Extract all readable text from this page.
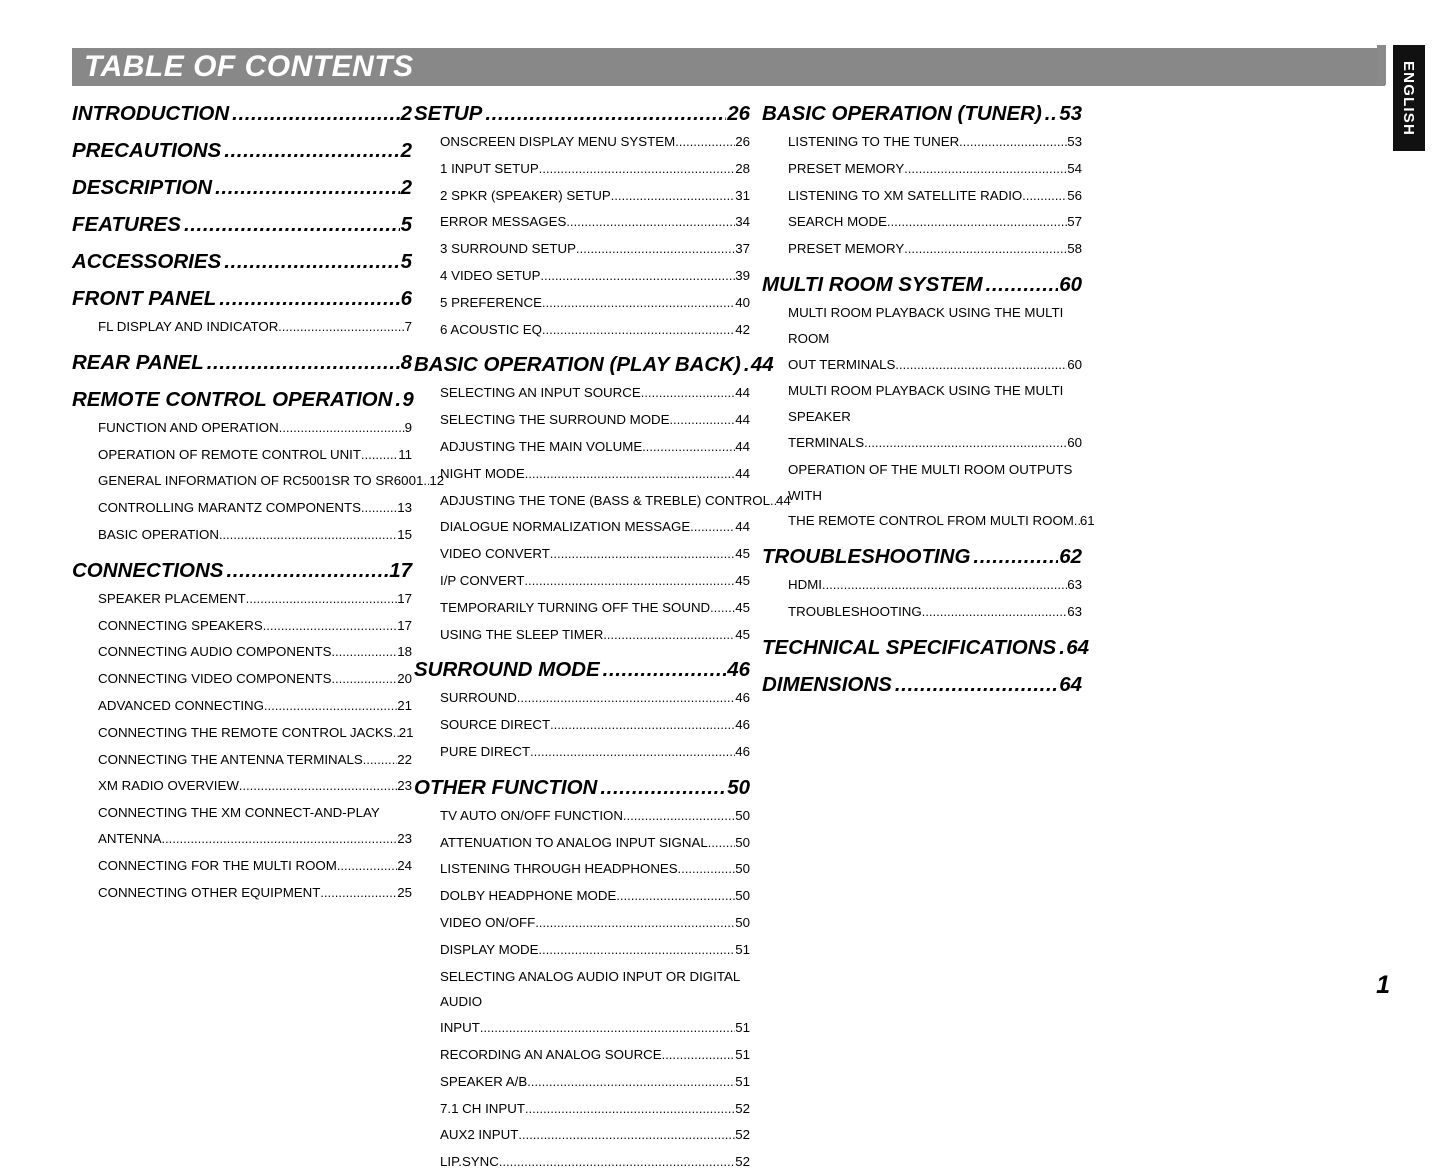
TABLE OF CONTENTS	ENGLISH
INTRODUCTION .....	2
PRECAUTIONS .....	2
DESCRIPTION .....	2
FEATURES .....	5
ACCESSORIES .....	5
FRONT PANEL .....	6
FL DISPLAY AND INDICATOR .....	7
REAR PANEL .....	8
REMOTE CONTROL OPERATION ..... 9
FUNCTION AND OPERATION .....	9
OPERATION OF REMOTE CONTROL UNIT .....	11
GENERAL INFORMATION OF RC5001SR TO SR6001 ..... 12
CONTROLLING MARANTZ COMPONENTS .....	13
BASIC OPERATION .....	15
CONNECTIONS .....	17
SPEAKER PLACEMENT .....	17
CONNECTING SPEAKERS .....	17
CONNECTING AUDIO COMPONENTS .....	18
CONNECTING VIDEO COMPONENTS .....	20
ADVANCED CONNECTING .....	21
CONNECTING THE REMOTE CONTROL JACKS ..... 21
CONNECTING THE ANTENNA TERMINALS .....	22
XM RADIO OVERVIEW .....	23
CONNECTING THE XM CONNECT-AND-PLAY
ANTENNA .....	23
CONNECTING FOR THE MULTI ROOM .....	24
CONNECTING OTHER EQUIPMENT .....	25
SETUP .....	26
ONSCREEN DISPLAY MENU SYSTEM .....	26
1 INPUT SETUP .....	28
2 SPKR (SPEAKER) SETUP .....	31
ERROR MESSAGES .....	34
3 SURROUND SETUP .....	37
4 VIDEO SETUP .....	39
5 PREFERENCE .....	40
6 ACOUSTIC EQ .....	42
BASIC OPERATION (PLAY BACK) ..... 44
SELECTING AN INPUT SOURCE .....	44
SELECTING THE SURROUND MODE .....	44
ADJUSTING THE MAIN VOLUME .....	44
NIGHT MODE .....	44
ADJUSTING THE TONE (BASS & TREBLE) CONTROL ..... 44
DIALOGUE NORMALIZATION MESSAGE .....	44
VIDEO CONVERT .....	45
I/P CONVERT .....	45
TEMPORARILY TURNING OFF THE SOUND ..... 45
USING THE SLEEP TIMER .....	45
SURROUND MODE .....	46
SURROUND .....	46
SOURCE DIRECT .....	46
PURE DIRECT .....	46
OTHER FUNCTION .....	50
TV AUTO ON/OFF FUNCTION .....	50
ATTENUATION TO ANALOG INPUT SIGNAL ..... 50
LISTENING THROUGH HEADPHONES .....	50
DOLBY HEADPHONE MODE .....	50
VIDEO ON/OFF .....	50
DISPLAY MODE .....	51
SELECTING ANALOG AUDIO INPUT OR DIGITAL AUDIO
INPUT .....	51
RECORDING AN ANALOG SOURCE .....	51
SPEAKER A/B .....	51
7.1 CH INPUT .....	52
AUX2 INPUT .....	52
LIP.SYNC .....	52
BASIC OPERATION (TUNER) ..... 53
LISTENING TO THE TUNER .....	53
PRESET MEMORY .....	54
LISTENING TO XM SATELLITE RADIO .....	56
SEARCH MODE .....	57
PRESET MEMORY .....	58
MULTI ROOM SYSTEM .....	60
MULTI ROOM PLAYBACK USING THE MULTI ROOM
OUT TERMINALS .....	60
MULTI ROOM PLAYBACK USING THE MULTI SPEAKER
TERMINALS .....	60
OPERATION OF THE MULTI ROOM OUTPUTS WITH
THE REMOTE CONTROL FROM MULTI ROOM ..... 61
TROUBLESHOOTING .....	62
HDMI .....	63
TROUBLESHOOTING .....	63
TECHNICAL SPECIFICATIONS ..... 64
DIMENSIONS .....	64
1
